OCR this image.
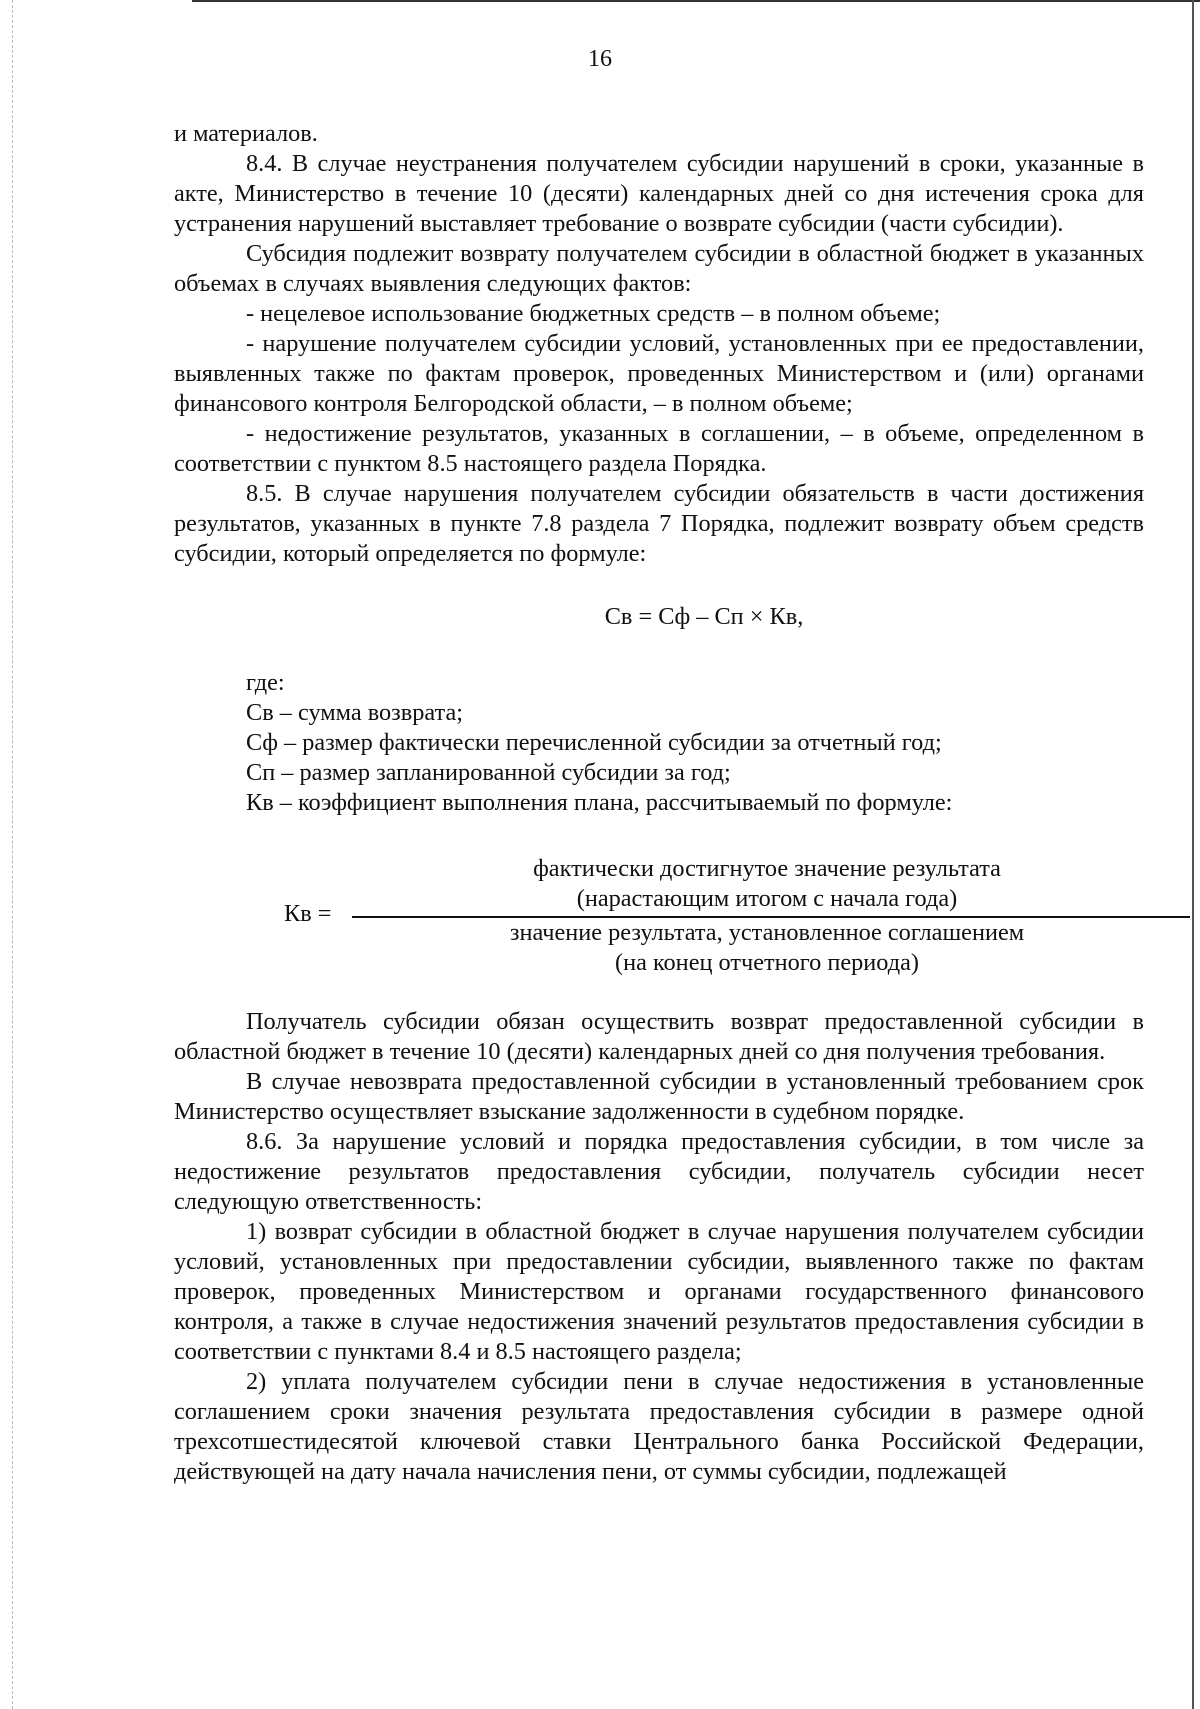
16

и материалов.

8.4. В случае неустранения получателем субсидии нарушений в сроки, указанные в акте, Министерство в течение 10 (десяти) календарных дней со дня истечения срока для устранения нарушений выставляет требование о возврате субсидии (части субсидии).

Субсидия подлежит возврату получателем субсидии в областной бюджет в указанных объемах в случаях выявления следующих фактов:

- нецелевое использование бюджетных средств – в полном объеме;

- нарушение получателем субсидии условий, установленных при ее предоставлении, выявленных также по фактам проверок, проведенных Министерством и (или) органами финансового контроля Белгородской области, – в полном объеме;

- недостижение результатов, указанных в соглашении, – в объеме, определенном в соответствии с пунктом 8.5 настоящего раздела Порядка.

8.5. В случае нарушения получателем субсидии обязательств в части достижения результатов, указанных в пункте 7.8 раздела 7 Порядка, подлежит возврату объем средств субсидии, который определяется по формуле:

Св = Сф – Сп × Кв,
где:
Св – сумма возврата;
Сф – размер фактически перечисленной субсидии за отчетный год;
Сп – размер запланированной субсидии за год;
Кв – коэффициент выполнения плана, рассчитываемый по формуле:
Кв =
фактически достигнутое значение результата
(нарастающим итогом с начала года)
значение результата, установленное соглашением
(на конец отчетного периода)

Получатель субсидии обязан осуществить возврат предоставленной субсидии в областной бюджет в течение 10 (десяти) календарных дней со дня получения требования.

В случае невозврата предоставленной субсидии в установленный требованием срок Министерство осуществляет взыскание задолженности в судебном порядке.

8.6. За нарушение условий и порядка предоставления субсидии, в том числе за недостижение результатов предоставления субсидии, получатель субсидии несет следующую ответственность:

1) возврат субсидии в областной бюджет в случае нарушения получателем субсидии условий, установленных при предоставлении субсидии, выявленного также по фактам проверок, проведенных Министерством и органами государственного финансового контроля, а также в случае недостижения значений результатов предоставления субсидии в соответствии с пунктами 8.4 и 8.5 настоящего раздела;

2) уплата получателем субсидии пени в случае недостижения в установленные соглашением сроки значения результата предоставления субсидии в размере одной трехсотшестидесятой ключевой ставки Центрального банка Российской Федерации, действующей на дату начала начисления пени, от суммы субсидии, подлежащей
